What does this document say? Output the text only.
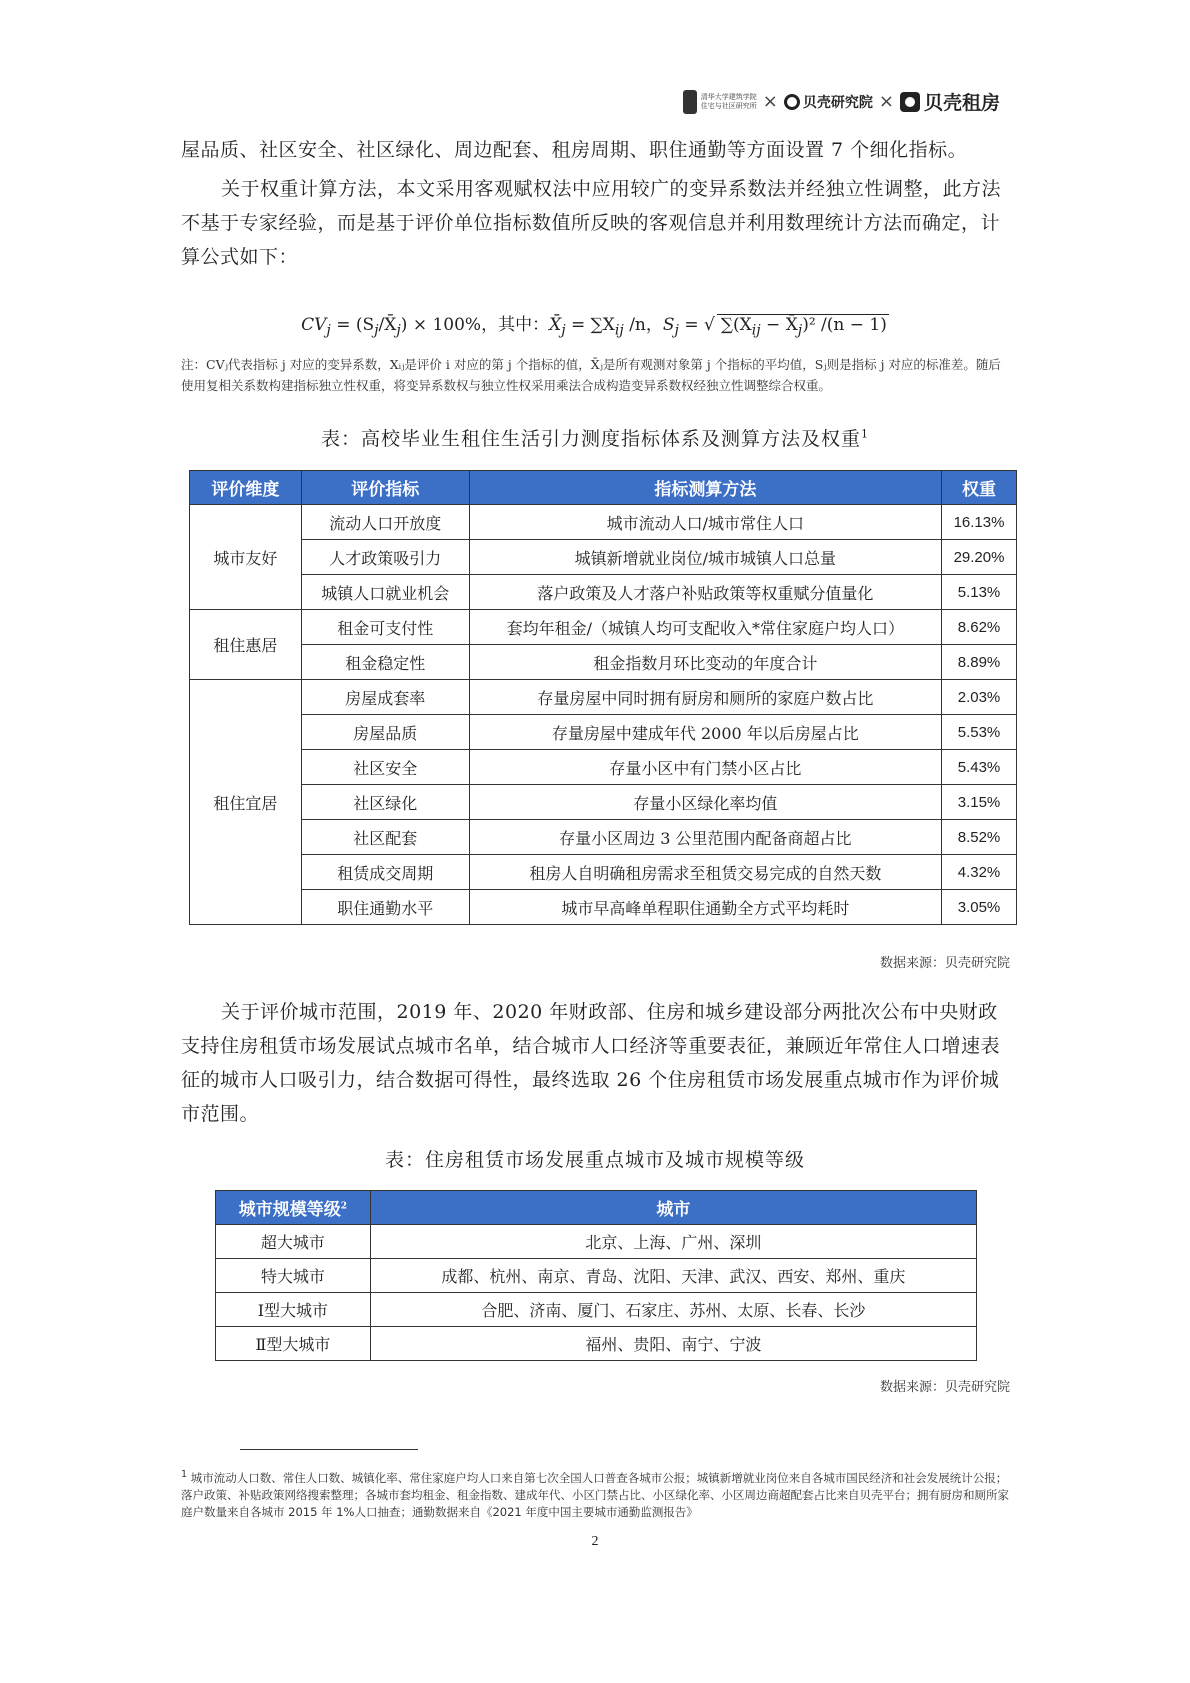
清华大学建筑学院
住宅与社区研究所 × 贝壳研究院 × 贝壳租房
屋品质、社区安全、社区绿化、周边配套、租房周期、职住通勤等方面设置 7 个细化指标。
关于权重计算方法，本文采用客观赋权法中应用较广的变异系数法并经独立性调整，此方法不基于专家经验，而是基于评价单位指标数值所反映的客观信息并利用数理统计方法而确定，计算公式如下：
$CV_j$ = $(S_j/X̄_j) \times 100\%$，其中：$X̄_j = \sum X_{ij}$ /n，$S_j$ = √ $\sum(X_{ij}$ − $X̄_j)^2$ /(n − 1)
注：CVⱼ代表指标 j 对应的变异系数，Xᵢⱼ是评价 i 对应的第 j 个指标的值，X̄ⱼ是所有观测对象第 j 个指标的平均值，Sⱼ则是指标 j 对应的标准差。随后使用复相关系数构建指标独立性权重，将变异系数权与独立性权采用乘法合成构造变异系数权经独立性调整综合权重。
表：高校毕业生租住生活引力测度指标体系及测算方法及权重$^1$
评价维度	评价指标	指标测算方法	权重
城市友好	流动人口开放度	城市流动人口/城市常住人口	16.13%
	人才政策吸引力	城镇新增就业岗位/城市城镇人口总量	29.20%
	城镇人口就业机会	落户政策及人才落户补贴政策等权重赋分值量化	5.13%
租住惠居	租金可支付性	套均年租金/（城镇人均可支配收入*常住家庭户均人口）	8.62%
	租金稳定性	租金指数月环比变动的年度合计	8.89%
租住宜居	房屋成套率	存量房屋中同时拥有厨房和厕所的家庭户数占比	2.03%
	房屋品质	存量房屋中建成年代 2000 年以后房屋占比	5.53%
	社区安全	存量小区中有门禁小区占比	5.43%
	社区绿化	存量小区绿化率均值	3.15%
	社区配套	存量小区周边 3 公里范围内配备商超占比	8.52%
	租赁成交周期	租房人自明确租房需求至租赁交易完成的自然天数	4.32%
	职住通勤水平	城市早高峰单程职住通勤全方式平均耗时	3.05%
数据来源：贝壳研究院
关于评价城市范围，2019 年、2020 年财政部、住房和城乡建设部分两批次公布中央财政支持住房租赁市场发展试点城市名单，结合城市人口经济等重要表征，兼顾近年常住人口增速表征的城市人口吸引力，结合数据可得性，最终选取 26 个住房租赁市场发展重点城市作为评价城市范围。
表：住房租赁市场发展重点城市及城市规模等级
城市规模等级$^2$	城市
超大城市	北京、上海、广州、深圳
特大城市	成都、杭州、南京、青岛、沈阳、天津、武汉、西安、郑州、重庆
Ⅰ型大城市	合肥、济南、厦门、石家庄、苏州、太原、长春、长沙
Ⅱ型大城市	福州、贵阳、南宁、宁波
数据来源：贝壳研究院
$^1$ 城市流动人口数、常住人口数、城镇化率、常住家庭户均人口来自第七次全国人口普查各城市公报；城镇新增就业岗位来自各城市国民经济和社会发展统计公报；落户政策、补贴政策网络搜索整理；各城市套均租金、租金指数、建成年代、小区门禁占比、小区绿化率、小区周边商超配套占比来自贝壳平台；拥有厨房和厕所家庭户数量来自各城市 2015 年 1%人口抽查；通勤数据来自《2021 年度中国主要城市通勤监测报告》
2
